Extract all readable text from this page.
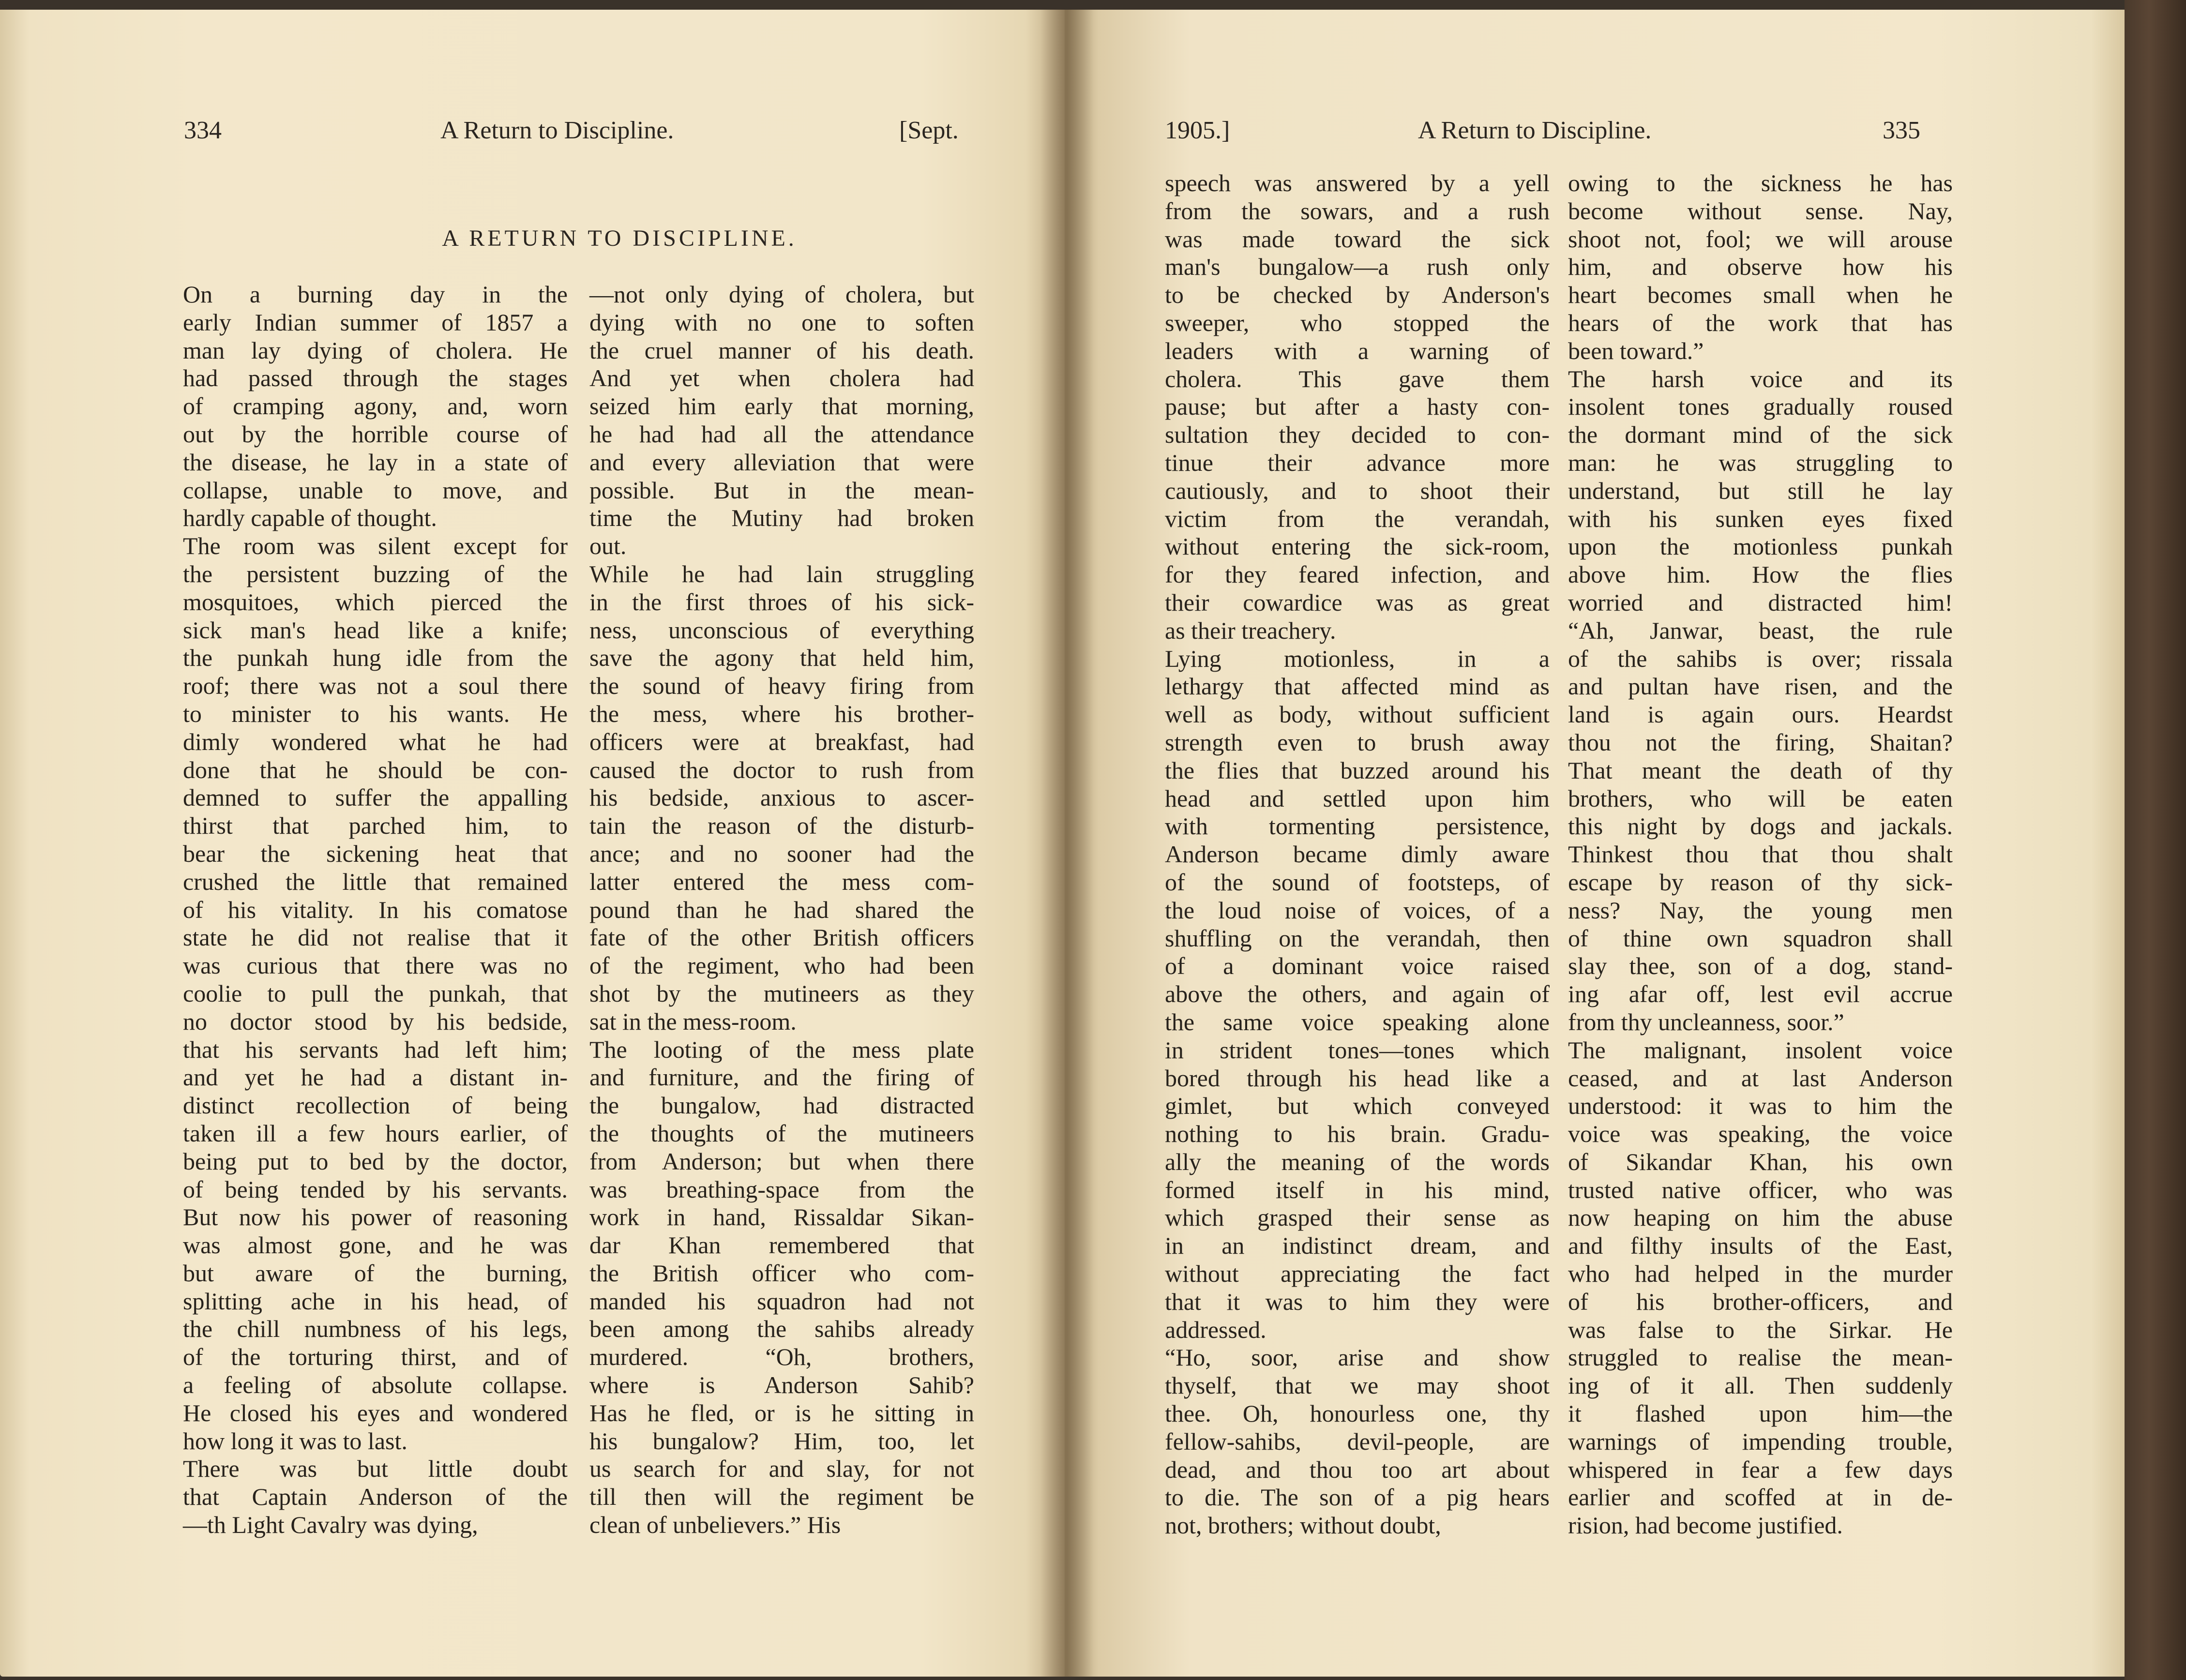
334	A Return to Discipline.	[Sept.
A RETURN TO DISCIPLINE.
On a burning day in the
early Indian summer of 1857 a
man lay dying of cholera. He
had passed through the stages
of cramping agony, and, worn
out by the horrible course of
the disease, he lay in a state of
collapse, unable to move, and
hardly capable of thought.
The room was silent except for
the persistent buzzing of the
mosquitoes, which pierced the
sick man's head like a knife;
the punkah hung idle from the
roof; there was not a soul there
to minister to his wants. He
dimly wondered what he had
done that he should be con-
demned to suffer the appalling
thirst that parched him, to
bear the sickening heat that
crushed the little that remained
of his vitality. In his comatose
state he did not realise that it
was curious that there was no
coolie to pull the punkah, that
no doctor stood by his bedside,
that his servants had left him;
and yet he had a distant in-
distinct recollection of being
taken ill a few hours earlier, of
being put to bed by the doctor,
of being tended by his servants.
But now his power of reasoning
was almost gone, and he was
but aware of the burning,
splitting ache in his head, of
the chill numbness of his legs,
of the torturing thirst, and of
a feeling of absolute collapse.
He closed his eyes and wondered
how long it was to last.
There was but little doubt
that Captain Anderson of the
—th Light Cavalry was dying,
—not only dying of cholera, but
dying with no one to soften
the cruel manner of his death.
And yet when cholera had
seized him early that morning,
he had had all the attendance
and every alleviation that were
possible. But in the mean-
time the Mutiny had broken
out.
While he had lain struggling
in the first throes of his sick-
ness, unconscious of everything
save the agony that held him,
the sound of heavy firing from
the mess, where his brother-
officers were at breakfast, had
caused the doctor to rush from
his bedside, anxious to ascer-
tain the reason of the disturb-
ance; and no sooner had the
latter entered the mess com-
pound than he had shared the
fate of the other British officers
of the regiment, who had been
shot by the mutineers as they
sat in the mess-room.
The looting of the mess plate
and furniture, and the firing of
the bungalow, had distracted
the thoughts of the mutineers
from Anderson; but when there
was breathing-space from the
work in hand, Rissaldar Sikan-
dar Khan remembered that
the British officer who com-
manded his squadron had not
been among the sahibs already
murdered. “Oh, brothers,
where is Anderson Sahib?
Has he fled, or is he sitting in
his bungalow? Him, too, let
us search for and slay, for not
till then will the regiment be
clean of unbelievers.” His
1905.]	A Return to Discipline.	335
speech was answered by a yell
from the sowars, and a rush
was made toward the sick
man's bungalow—a rush only
to be checked by Anderson's
sweeper, who stopped the
leaders with a warning of
cholera. This gave them
pause; but after a hasty con-
sultation they decided to con-
tinue their advance more
cautiously, and to shoot their
victim from the verandah,
without entering the sick-room,
for they feared infection, and
their cowardice was as great
as their treachery.
Lying motionless, in a
lethargy that affected mind as
well as body, without sufficient
strength even to brush away
the flies that buzzed around his
head and settled upon him
with tormenting persistence,
Anderson became dimly aware
of the sound of footsteps, of
the loud noise of voices, of a
shuffling on the verandah, then
of a dominant voice raised
above the others, and again of
the same voice speaking alone
in strident tones—tones which
bored through his head like a
gimlet, but which conveyed
nothing to his brain. Gradu-
ally the meaning of the words
formed itself in his mind,
which grasped their sense as
in an indistinct dream, and
without appreciating the fact
that it was to him they were
addressed.
“Ho, soor, arise and show
thyself, that we may shoot
thee. Oh, honourless one, thy
fellow-sahibs, devil-people, are
dead, and thou too art about
to die. The son of a pig hears
not, brothers; without doubt,
owing to the sickness he has
become without sense. Nay,
shoot not, fool; we will arouse
him, and observe how his
heart becomes small when he
hears of the work that has
been toward.”
The harsh voice and its
insolent tones gradually roused
the dormant mind of the sick
man: he was struggling to
understand, but still he lay
with his sunken eyes fixed
upon the motionless punkah
above him. How the flies
worried and distracted him!
“Ah, Janwar, beast, the rule
of the sahibs is over; rissala
and pultan have risen, and the
land is again ours. Heardst
thou not the firing, Shaitan?
That meant the death of thy
brothers, who will be eaten
this night by dogs and jackals.
Thinkest thou that thou shalt
escape by reason of thy sick-
ness? Nay, the young men
of thine own squadron shall
slay thee, son of a dog, stand-
ing afar off, lest evil accrue
from thy uncleanness, soor.”
The malignant, insolent voice
ceased, and at last Anderson
understood: it was to him the
voice was speaking, the voice
of Sikandar Khan, his own
trusted native officer, who was
now heaping on him the abuse
and filthy insults of the East,
who had helped in the murder
of his brother-officers, and
was false to the Sirkar. He
struggled to realise the mean-
ing of it all. Then suddenly
it flashed upon him—the
warnings of impending trouble,
whispered in fear a few days
earlier and scoffed at in de-
rision, had become justified.
